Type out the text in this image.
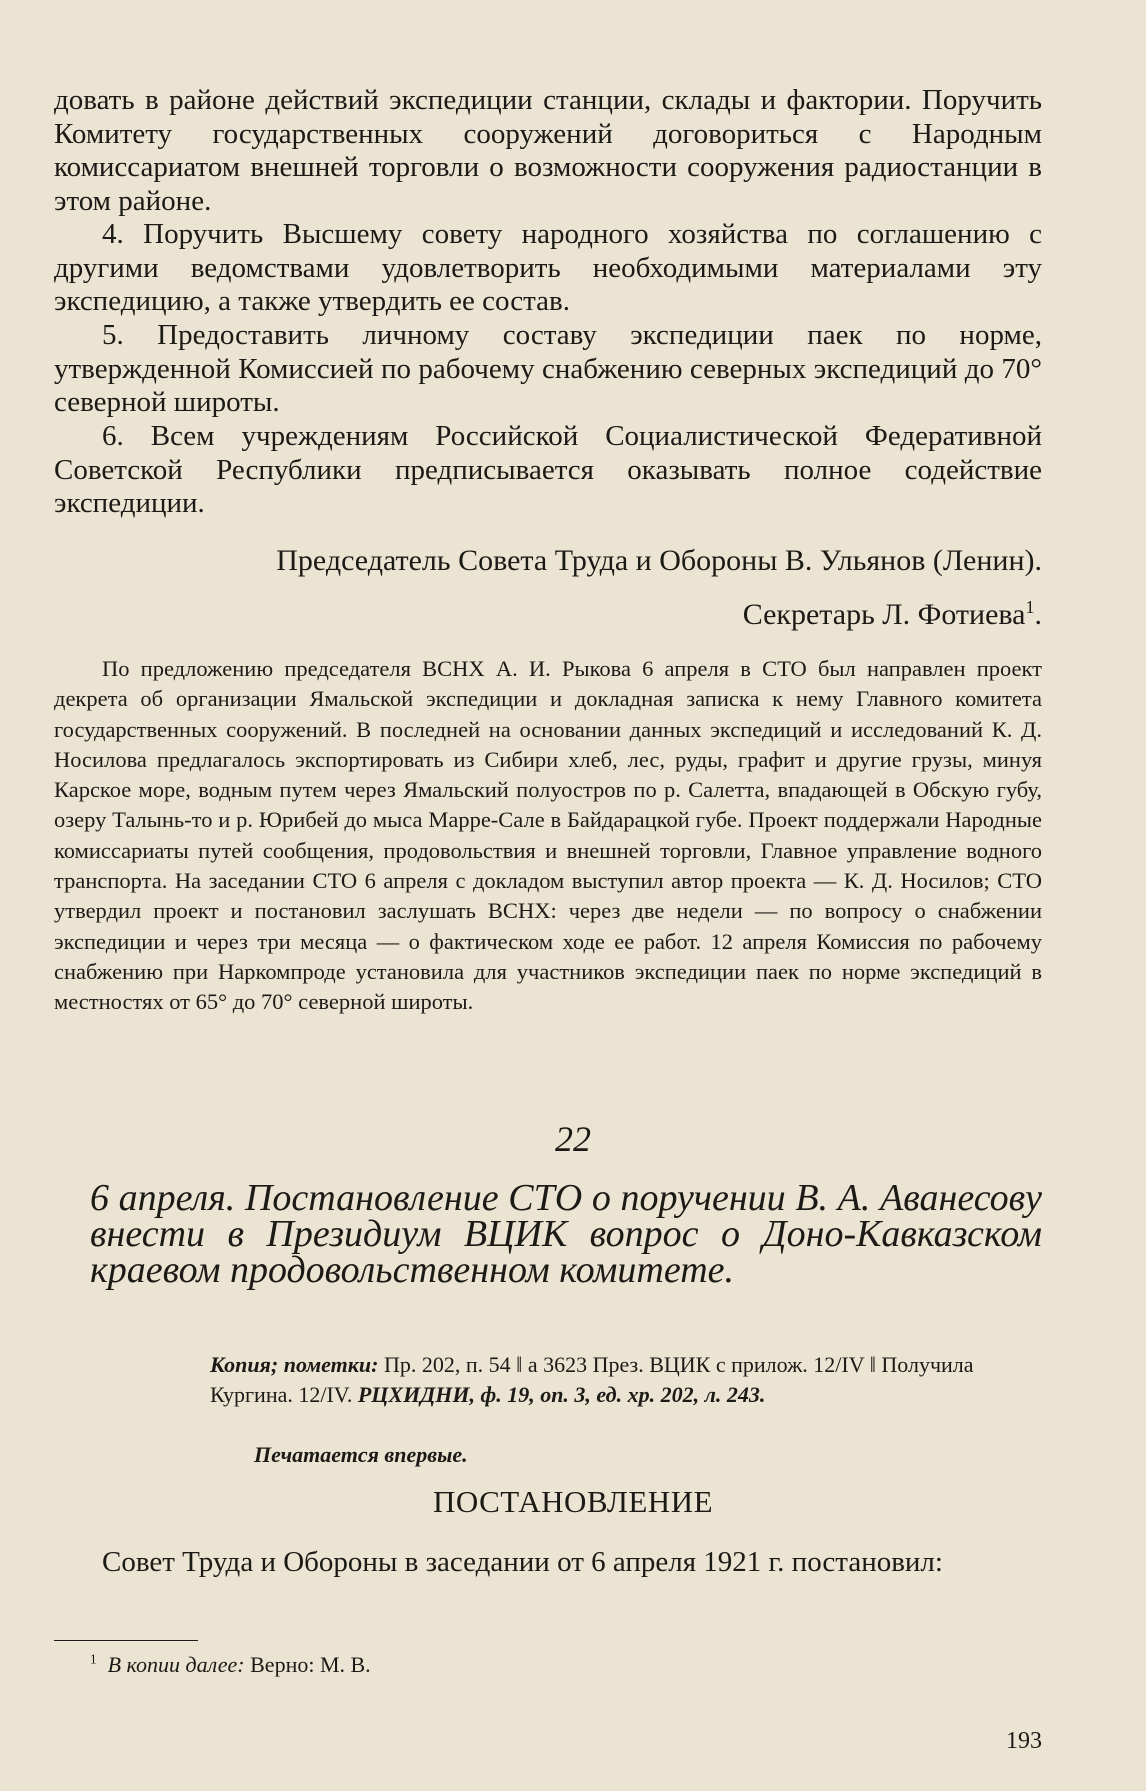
довать в районе действий экспедиции станции, склады и фактории. Поручить Комитету государственных сооружений договориться с Народным комиссариатом внешней торговли о возможности сооружения радиостанции в этом районе.

4. Поручить Высшему совету народного хозяйства по соглашению с другими ведомствами удовлетворить необходимыми материалами эту экспедицию, а также утвердить ее состав.

5. Предоставить личному составу экспедиции паек по норме, утвержденной Комиссией по рабочему снабжению северных экспедиций до 70° северной широты.

6. Всем учреждениям Российской Социалистической Федеративной Советской Республики предписывается оказывать полное содействие экспедиции.

Председатель Совета Труда и Обороны В. Ульянов (Ленин).

Секретарь Л. Фотиева$^1$.

По предложению председателя ВСНХ А. И. Рыкова 6 апреля в СТО был направлен проект декрета об организации Ямальской экспедиции и докладная записка к нему Главного комитета государственных сооружений. В последней на основании данных экспедиций и исследований К. Д. Носилова предлагалось экспортировать из Сибири хлеб, лес, руды, графит и другие грузы, минуя Карское море, водным путем через Ямальский полуостров по р. Салетта, впадающей в Обскую губу, озеру Талынь-то и р. Юрибей до мыса Марре-Сале в Байдарацкой губе. Проект поддержали Народные комиссариаты путей сообщения, продовольствия и внешней торговли, Главное управление водного транспорта. На заседании СТО 6 апреля с докладом выступил автор проекта — К. Д. Носилов; СТО утвердил проект и постановил заслушать ВСНХ: через две недели — по вопросу о снабжении экспедиции и через три месяца — о фактическом ходе ее работ. 12 апреля Комиссия по рабочему снабжению при Наркомпроде установила для участников экспедиции паек по норме экспедиций в местностях от 65° до 70° северной широты.

22

6 апреля. Постановление СТО о поручении В. А. Аванесову внести в Президиум ВЦИК вопрос о Доно-Кавказском краевом продовольственном комитете.

Копия; пометки: Пр. 202, п. 54 ‖ а 3623 През. ВЦИК с прилож. 12/IV ‖ Получила Кургина. 12/IV. РЦХИДНИ, ф. 19, оп. 3, ед. хр. 202, л. 243.

Печатается впервые.

ПОСТАНОВЛЕНИЕ

Совет Труда и Обороны в заседании от 6 апреля 1921 г. постановил:

$^1$ В копии далее: Верно: М. В.

193
